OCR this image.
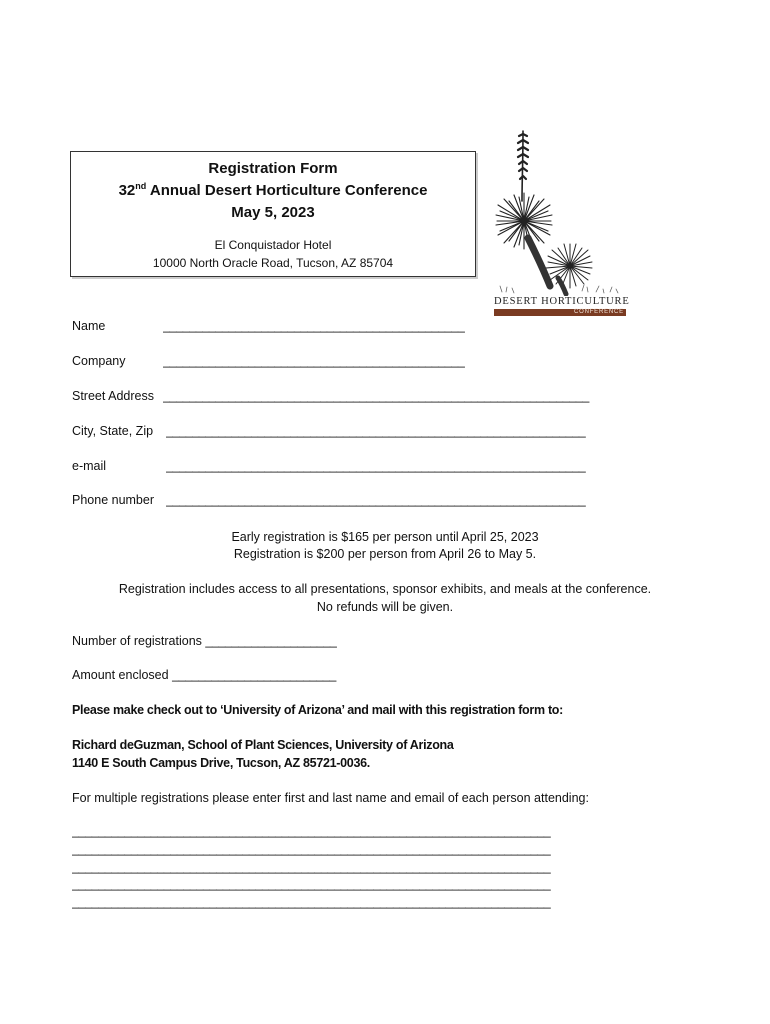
Registration Form
32nd Annual Desert Horticulture Conference
May 5, 2023
El Conquistador Hotel
10000 North Oracle Road, Tucson, AZ 85704
DESERT HORTICULTURE
CONFERENCE
Name	______________________________________________
Company	______________________________________________
Street Address _________________________________________________________________
City, State, Zip ________________________________________________________________
e-mail	________________________________________________________________
Phone number ________________________________________________________________
Early registration is $165 per person until April 25, 2023
Registration is $200 per person from April 26 to May 5.
Registration includes access to all presentations, sponsor exhibits, and meals at the conference.
No refunds will be given.
Number of registrations ____________________
Amount enclosed _________________________
Please make check out to ‘University of Arizona’ and mail with this registration form to:
Richard deGuzman, School of Plant Sciences, University of Arizona
1140 E South Campus Drive, Tucson, AZ 85721-0036.
For multiple registrations please enter first and last name and email of each person attending:
_________________________________________________________________________
_________________________________________________________________________
_________________________________________________________________________
_________________________________________________________________________
_________________________________________________________________________
